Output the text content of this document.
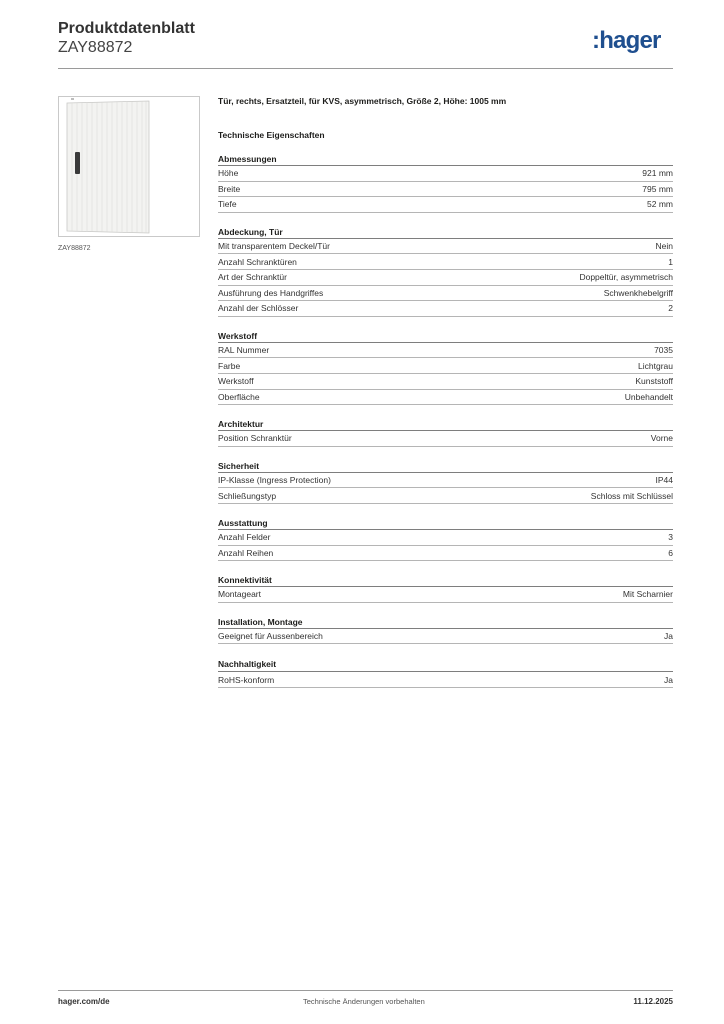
Produktdatenblatt
ZAY88872	:hager
ZAY88872
Tür, rechts, Ersatzteil, für KVS, asymmetrisch, Größe 2, Höhe: 1005 mm
Technische Eigenschaften
Abmessungen
Höhe	921 mm
Breite	795 mm
Tiefe	52 mm
Abdeckung, Tür
Mit transparentem Deckel/Tür	Nein
Anzahl Schranktüren	1
Art der Schranktür	Doppeltür, asymmetrisch
Ausführung des Handgriffes	Schwenkhebelgriff
Anzahl der Schlösser	2
Werkstoff
RAL Nummer	7035
Farbe	Lichtgrau
Werkstoff	Kunststoff
Oberfläche	Unbehandelt
Architektur
Position Schranktür	Vorne
Sicherheit
IP-Klasse (Ingress Protection)	IP44
Schließungstyp	Schloss mit Schlüssel
Ausstattung
Anzahl Felder	3
Anzahl Reihen	6
Konnektivität
Montageart	Mit Scharnier
Installation, Montage
Geeignet für Aussenbereich	Ja
Nachhaltigkeit
RoHS-konform	Ja
hager.com/de	Technische Änderungen vorbehalten	11.12.2025
